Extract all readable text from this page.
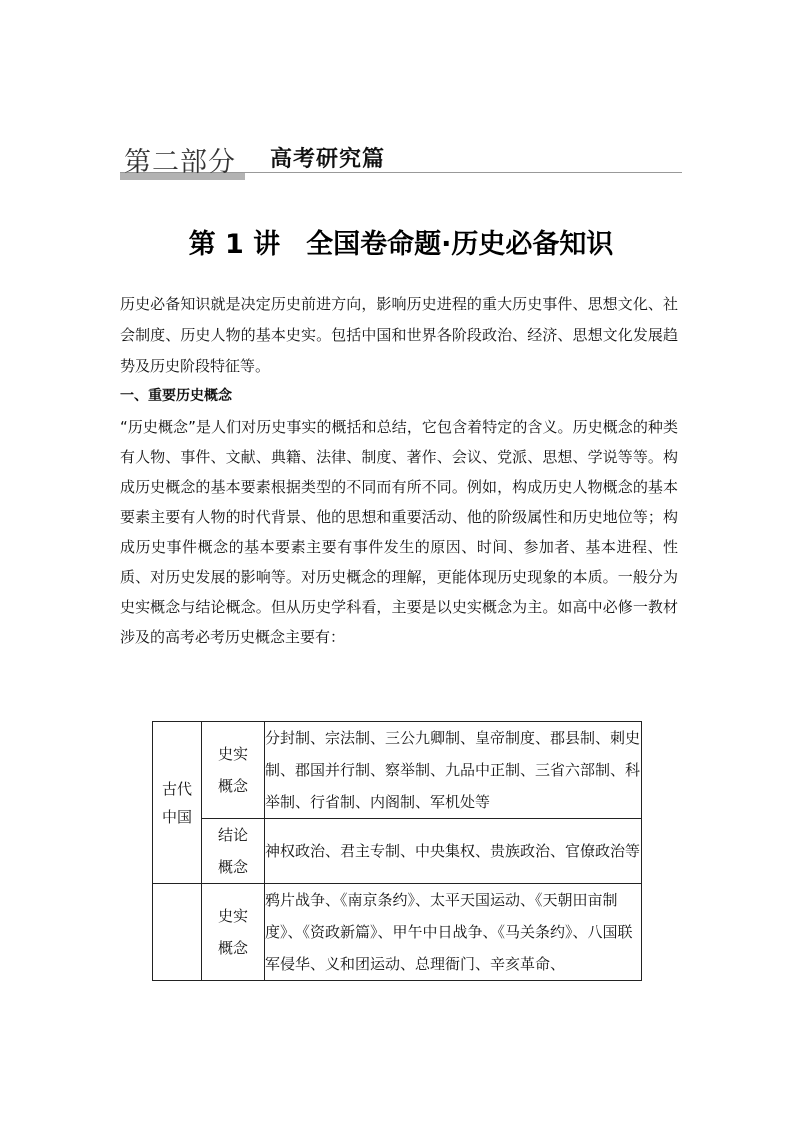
第二部分 高考研究篇
第 1 讲 全国卷命题·历史必备知识
历史必备知识就是决定历史前进方向，影响历史进程的重大历史事件、思想文化、社会制度、历史人物的基本史实。包括中国和世界各阶段政治、经济、思想文化发展趋势及历史阶段特征等。
一、重要历史概念
“历史概念”是人们对历史事实的概括和总结，它包含着特定的含义。历史概念的种类有人物、事件、文献、典籍、法律、制度、著作、会议、党派、思想、学说等等。构成历史概念的基本要素根据类型的不同而有所不同。例如，构成历史人物概念的基本要素主要有人物的时代背景、他的思想和重要活动、他的阶级属性和历史地位等；构成历史事件概念的基本要素主要有事件发生的原因、时间、参加者、基本进程、性质、对历史发展的影响等。对历史概念的理解，更能体现历史现象的本质。一般分为史实概念与结论概念。但从历史学科看，主要是以史实概念为主。如高中必修一教材涉及的高考必考历史概念主要有：
古代中国	史实概念	分封制、宗法制、三公九卿制、皇帝制度、郡县制、刺史制、郡国并行制、察举制、九品中正制、三省六部制、科举制、行省制、内阁制、军机处等
	结论概念	神权政治、君主专制、中央集权、贵族政治、官僚政治等
	史实概念	鸦片战争、《南京条约》、太平天国运动、《天朝田亩制度》、《资政新篇》、甲午中日战争、《马关条约》、八国联军侵华、义和团运动、总理衙门、辛亥革命、
